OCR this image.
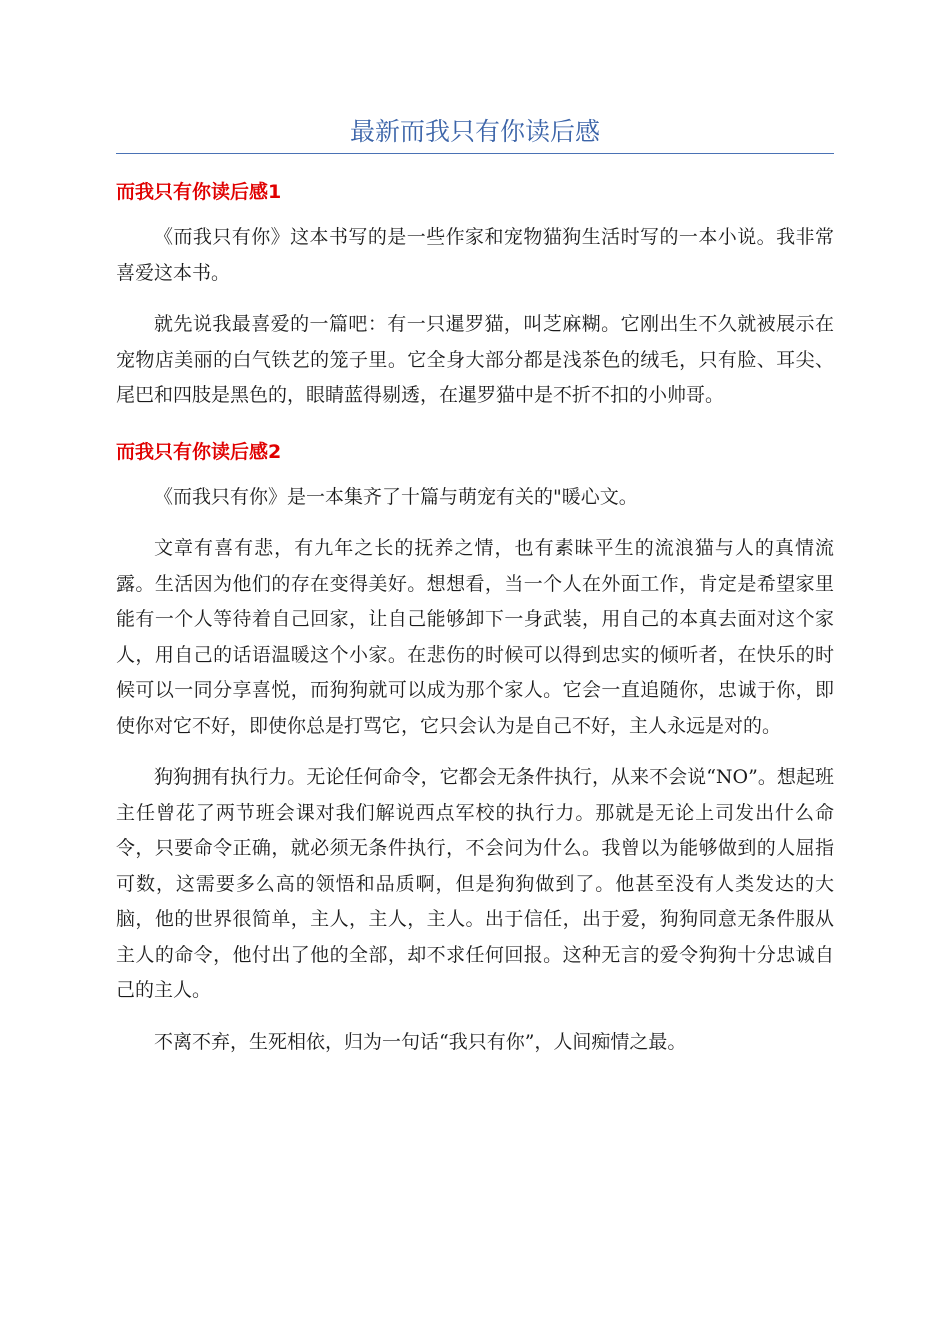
最新而我只有你读后感
而我只有你读后感1

《而我只有你》这本书写的是一些作家和宠物猫狗生活时写的一本小说。我非常喜爱这本书。

就先说我最喜爱的一篇吧：有一只暹罗猫，叫芝麻糊。它刚出生不久就被展示在宠物店美丽的白气铁艺的笼子里。它全身大部分都是浅茶色的绒毛，只有脸、耳尖、尾巴和四肢是黑色的，眼睛蓝得剔透，在暹罗猫中是不折不扣的小帅哥。

而我只有你读后感2

《而我只有你》是一本集齐了十篇与萌宠有关的"暖心文。

文章有喜有悲，有九年之长的抚养之情，也有素昧平生的流浪猫与人的真情流露。生活因为他们的存在变得美好。想想看，当一个人在外面工作，肯定是希望家里能有一个人等待着自己回家，让自己能够卸下一身武装，用自己的本真去面对这个家人，用自己的话语温暖这个小家。在悲伤的时候可以得到忠实的倾听者，在快乐的时候可以一同分享喜悦，而狗狗就可以成为那个家人。它会一直追随你，忠诚于你，即使你对它不好，即使你总是打骂它，它只会认为是自己不好，主人永远是对的。

狗狗拥有执行力。无论任何命令，它都会无条件执行，从来不会说“NO”。想起班主任曾花了两节班会课对我们解说西点军校的执行力。那就是无论上司发出什么命令，只要命令正确，就必须无条件执行，不会问为什么。我曾以为能够做到的人屈指可数，这需要多么高的领悟和品质啊，但是狗狗做到了。他甚至没有人类发达的大脑，他的世界很简单，主人，主人，主人。出于信任，出于爱，狗狗同意无条件服从主人的命令，他付出了他的全部，却不求任何回报。这种无言的爱令狗狗十分忠诚自己的主人。

不离不弃，生死相依，归为一句话“我只有你”，人间痴情之最。
